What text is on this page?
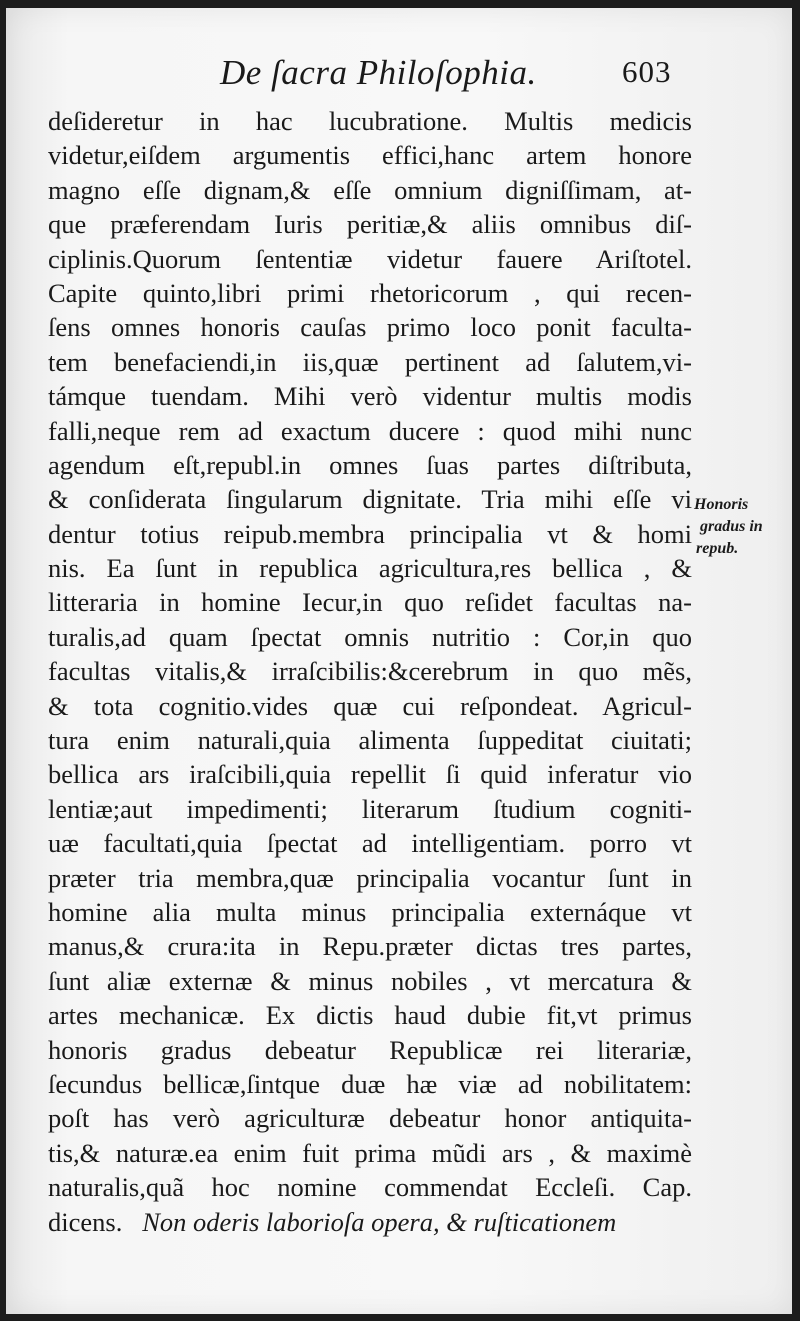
De ſacra Philoſophia.	603
deſideretur in hac lucubratione. Multis medicis
videtur,eiſdem argumentis effici,hanc artem honore
magno eſſe dignam,& eſſe omnium digniſſimam, at-
que præferendam Iuris peritiæ,& aliis omnibus diſ-
ciplinis.Quorum ſententiæ videtur fauere Ariſtotel.
Capite quinto,libri primi rhetoricorum , qui recen-
ſens omnes honoris cauſas primo loco ponit faculta-
tem benefaciendi,in iis,quæ pertinent ad ſalutem,vi-
támque tuendam. Mihi verò videntur multis modis
falli,neque rem ad exactum ducere : quod mihi nunc
agendum eſt,republ.in omnes ſuas partes diſtributa,
& conſiderata ſingularum dignitate. Tria mihi eſſe vi
dentur totius reipub.membra principalia vt & homi
nis. Ea ſunt in republica agricultura,res bellica , &
litteraria in homine Iecur,in quo reſidet facultas na-
turalis,ad quam ſpectat omnis nutritio : Cor,in quo
facultas vitalis,& irraſcibilis:&cerebrum in quo mẽs,
& tota cognitio.vides quæ cui reſpondeat. Agricul-
tura enim naturali,quia alimenta ſuppeditat ciuitati;
bellica ars iraſcibili,quia repellit ſi quid inferatur vio
lentiæ;aut impedimenti; literarum ſtudium cogniti-
uæ facultati,quia ſpectat ad intelligentiam. porro vt
præter tria membra,quæ principalia vocantur ſunt in
homine alia multa minus principalia externáque vt
manus,& crura:ita in Repu.præter dictas tres partes,
ſunt aliæ externæ & minus nobiles , vt mercatura &
artes mechanicæ. Ex dictis haud dubie fit,vt primus
honoris gradus debeatur Republicæ rei literariæ,
ſecundus bellicæ,ſintque duæ hæ viæ ad nobilitatem:
poſt has verò agriculturæ debeatur honor antiquita-
tis,& naturæ.ea enim fuit prima mũdi ars , & maximè
naturalis,quã hoc nomine commendat Eccleſi. Cap.
dicens. Non oderis laborioſa opera, & ruſticationem
Honoris
gradus in
repub.
